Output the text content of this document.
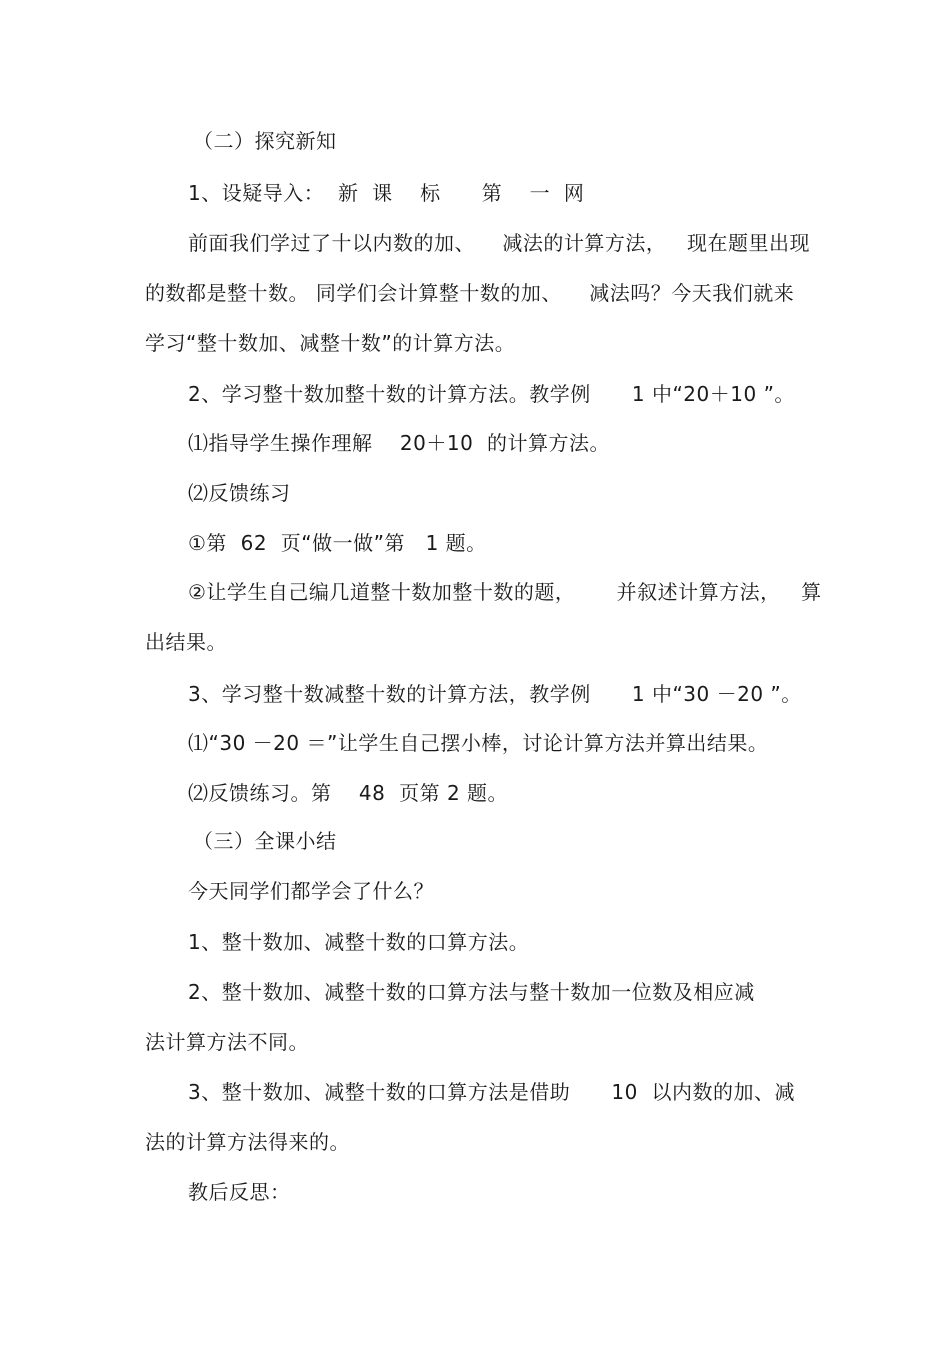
（二）探究新知
1、设疑导入：  新  课    标      第    一  网
前面我们学过了十以内数的加、    减法的计算方法，   现在题里出现
的数都是整十数。 同学们会计算整十数的加、    减法吗？今天我们就来
学习“整十数加、减整十数”的计算方法。
2、学习整十数加整十数的计算方法。教学例      1 中“20＋10 ”。
⑴指导学生操作理解    20＋10  的计算方法。
⑵反馈练习
①第  62  页“做一做”第   1 题。
②让学生自己编几道整十数加整十数的题，      并叙述计算方法，   算
出结果。
3、学习整十数减整十数的计算方法，教学例      1 中“30 －20 ”。
⑴“30 －20 ＝”让学生自己摆小棒，讨论计算方法并算出结果。
⑵反馈练习。第    48  页第 2 题。
（三）全课小结
今天同学们都学会了什么？
1、整十数加、减整十数的口算方法。
2、整十数加、减整十数的口算方法与整十数加一位数及相应减
法计算方法不同。
3、整十数加、减整十数的口算方法是借助      10  以内数的加、减
法的计算方法得来的。
教后反思：
